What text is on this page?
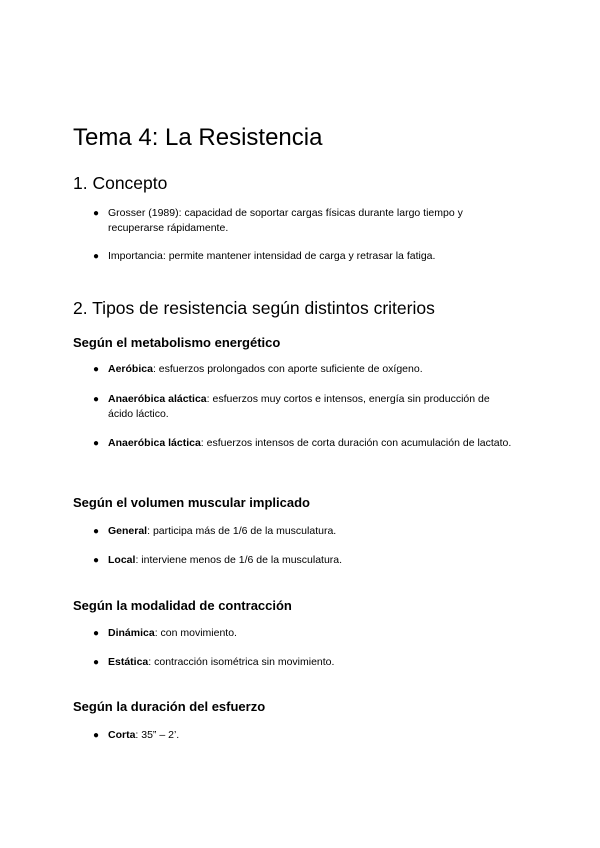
Tema 4: La Resistencia
1. Concepto
● Grosser (1989): capacidad de soportar cargas físicas durante largo tiempo y recuperarse rápidamente.
● Importancia: permite mantener intensidad de carga y retrasar la fatiga.
2. Tipos de resistencia según distintos criterios
Según el metabolismo energético
● Aeróbica: esfuerzos prolongados con aporte suficiente de oxígeno.
● Anaeróbica aláctica: esfuerzos muy cortos e intensos, energía sin producción de ácido láctico.
● Anaeróbica láctica: esfuerzos intensos de corta duración con acumulación de lactato.
Según el volumen muscular implicado
● General: participa más de 1/6 de la musculatura.
● Local: interviene menos de 1/6 de la musculatura.
Según la modalidad de contracción
● Dinámica: con movimiento.
● Estática: contracción isométrica sin movimiento.
Según la duración del esfuerzo
● Corta: 35” – 2’.
